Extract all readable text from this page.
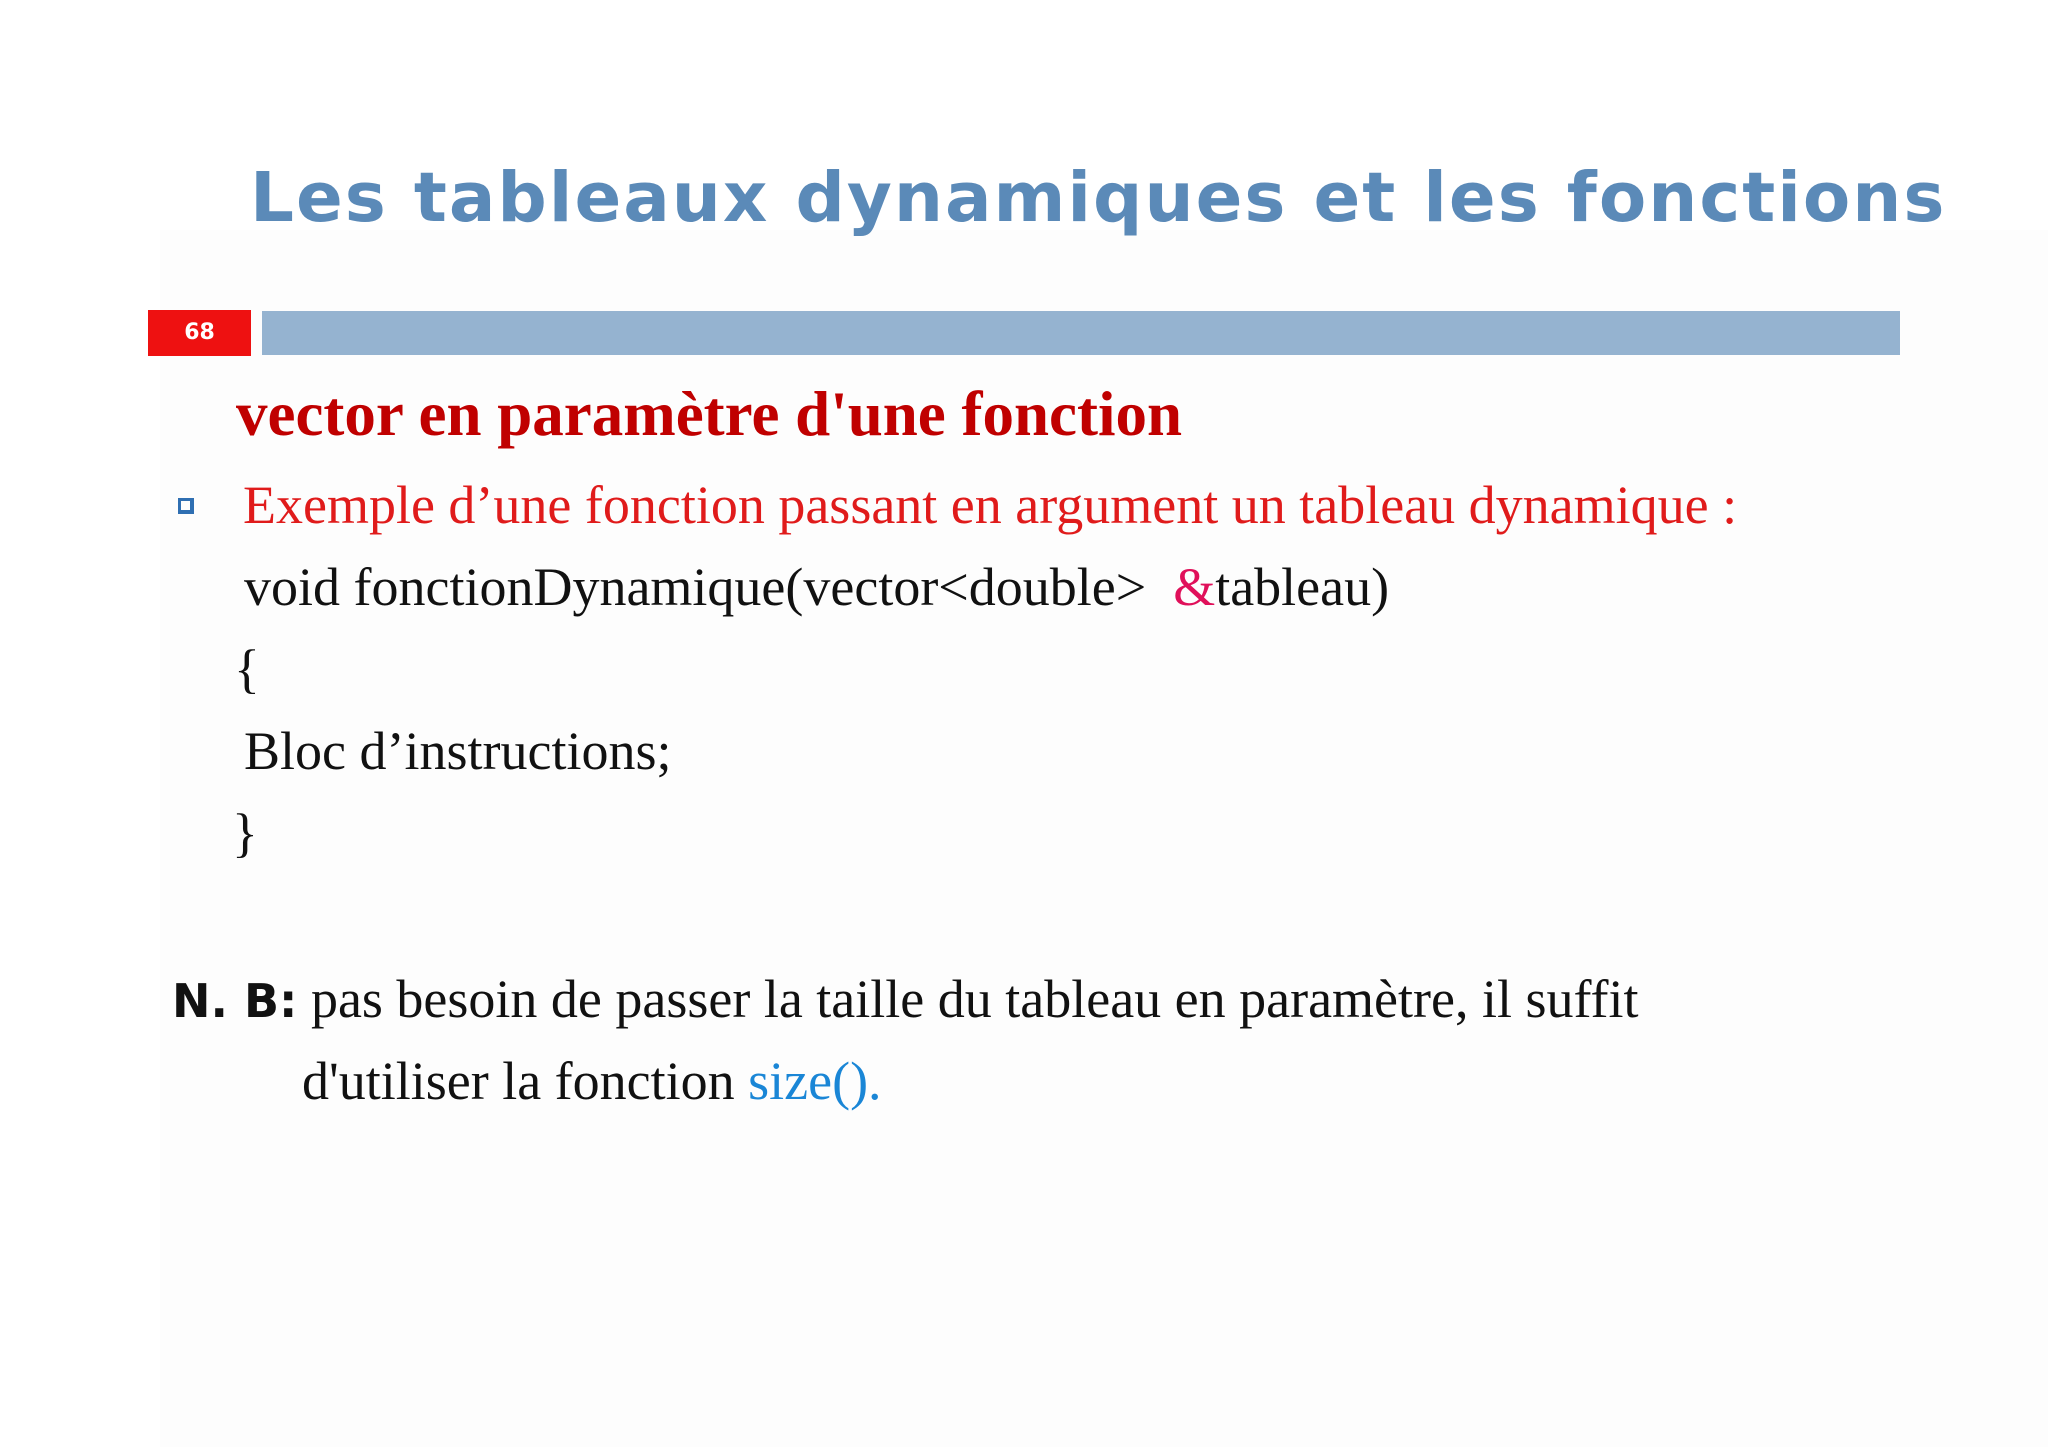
Les tableaux dynamiques et les fonctions
68
vector en paramètre d'une fonction
Exemple d’une fonction passant en argument un tableau dynamique :
void fonctionDynamique(vector<double>  &tableau)
{
Bloc d’instructions;
}
N. B: pas besoin de passer la taille du tableau en paramètre, il suffit
d'utiliser la fonction size().
